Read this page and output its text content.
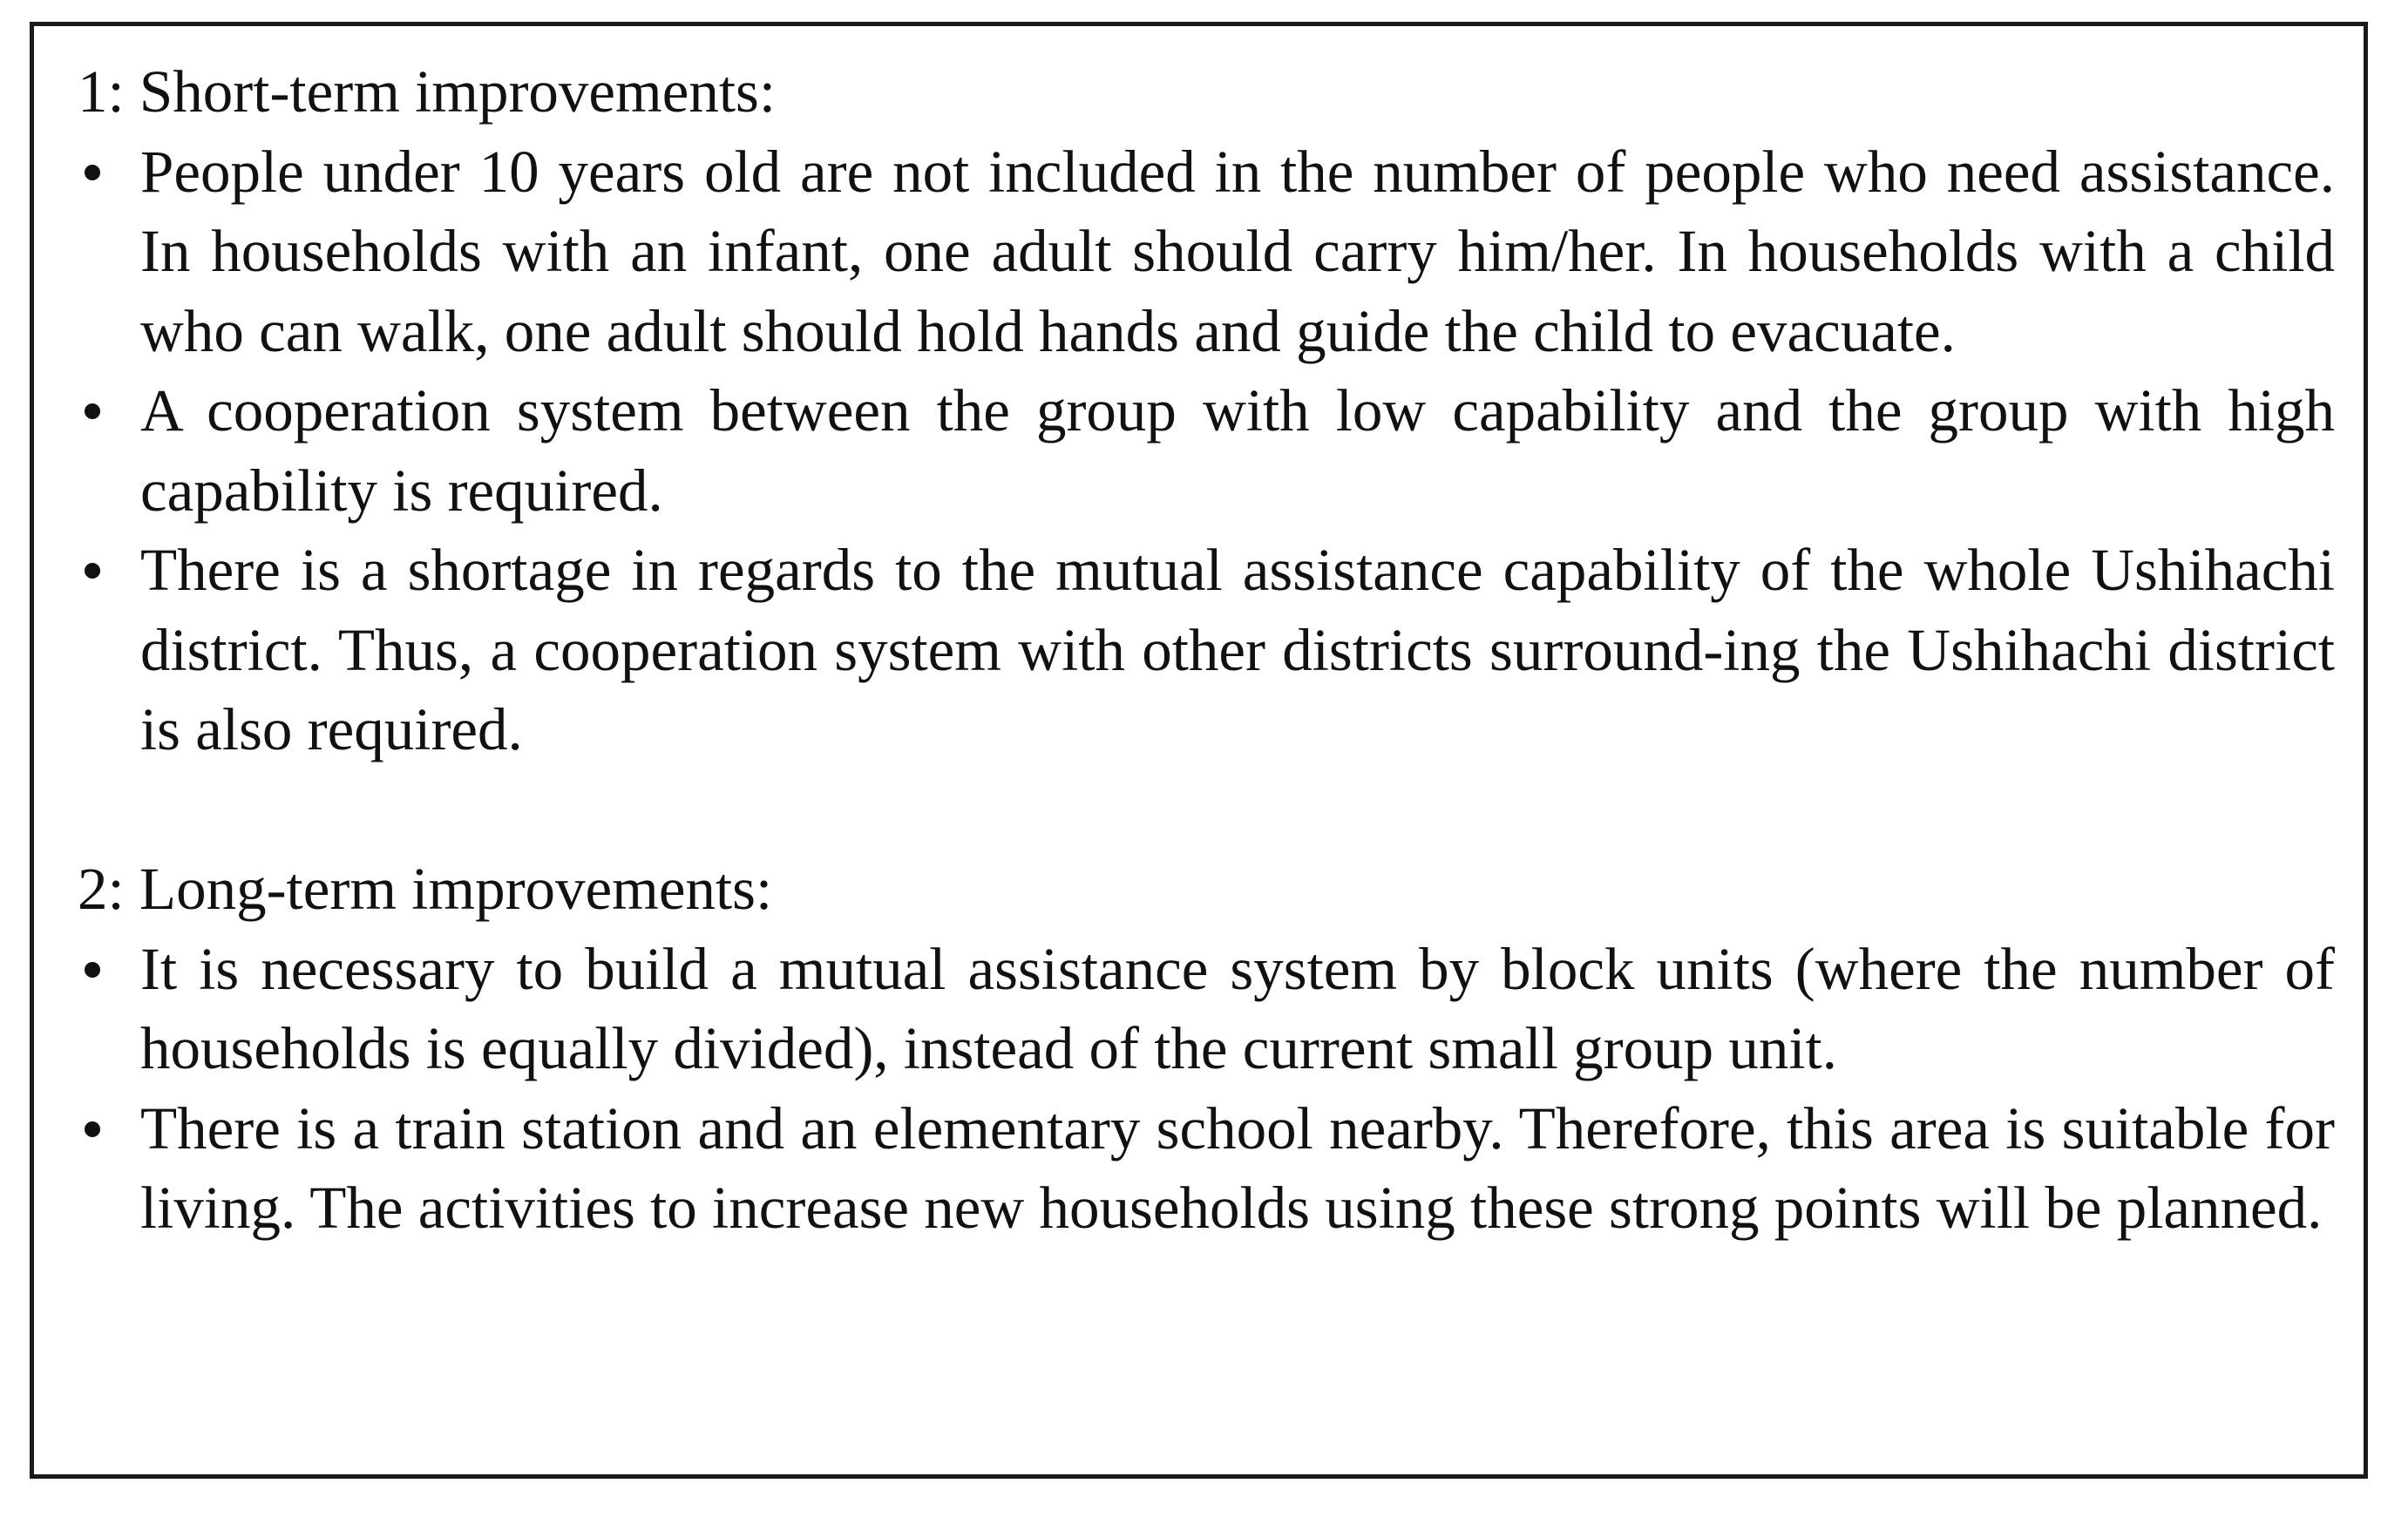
1: Short-term improvements:
People under 10 years old are not included in the number of people who need assistance. In households with an infant, one adult should carry him/her. In households with a child who can walk, one adult should hold hands and guide the child to evacuate.
A cooperation system between the group with low capability and the group with high capability is required.
There is a shortage in regards to the mutual assistance capability of the whole Ushihachi district. Thus, a cooperation system with other districts surround-ing the Ushihachi district is also required.
2: Long-term improvements:
It is necessary to build a mutual assistance system by block units (where the number of households is equally divided), instead of the current small group unit.
There is a train station and an elementary school nearby. Therefore, this area is suitable for living. The activities to increase new households using these strong points will be planned.
